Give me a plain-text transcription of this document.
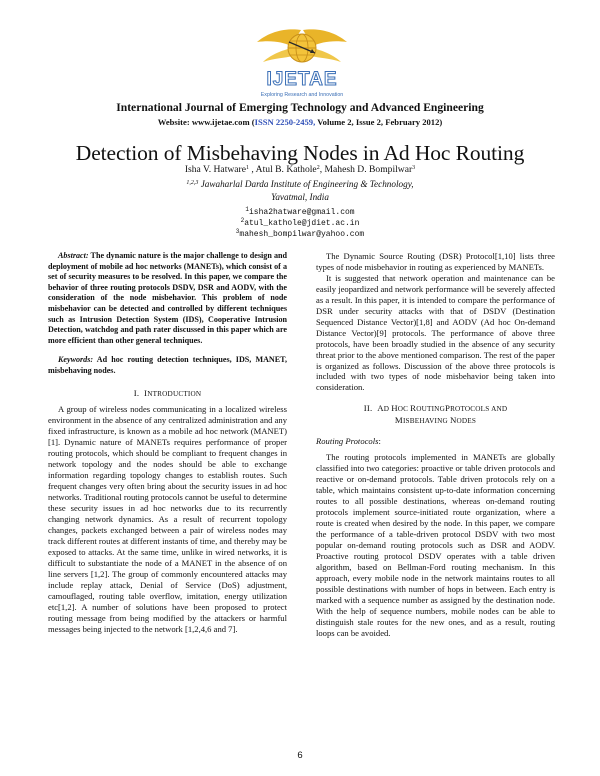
IJETAE
Exploring Research and Innovation
International Journal of Emerging Technology and Advanced Engineering
Website: www.ijetae.com (ISSN 2250-2459, Volume 2, Issue 2, February 2012)
Detection of Misbehaving Nodes in Ad Hoc Routing
Isha V. Hatware$^1$ , Atul B. Kathole$^2$, Mahesh D. Bompilwar$^3$
$^{1,2,3}$ Jawaharlal Darda Institute of Engineering & Technology,
Yavatmal, India
$^1$isha2hatware@gmail.com
$^2$atul_kathole@jdiet.ac.in
$^3$mahesh_bompilwar@yahoo.com

Abstract: The dynamic nature is the major challenge to design and deployment of mobile ad hoc networks (MANETs), which consist of a set of security measures to be resolved. In this paper, we compare the behavior of three routing protocols DSDV, DSR and AODV, with the consideration of the node misbehavior. This problem of node misbehavior can be detected and controlled by different techniques such as Intrusion Detection System (IDS), Cooperative Intrusion Detection, watchdog and path rater discussed in this paper which are more efficient than other general techniques.

Keywords: Ad hoc routing detection techniques, IDS, MANET, misbehaving nodes.

I. INTRODUCTION

A group of wireless nodes communicating in a localized wireless environment in the absence of any centralized administration and any fixed infrastructure, is known as a mobile ad hoc network (MANET) [1]. Dynamic nature of MANETs requires performance of proper routing protocols, which should be compliant to frequent changes in network topology and the nodes should be able to exchange information regarding topology changes to establish routes. Such frequent changes very often bring about the security issues in ad hoc networks. Traditional routing protocols cannot be useful to determine these security issues in ad hoc networks due to its recurrently changing network dynamics. As a result of recurrent topology changes, packets exchanged between a pair of wireless nodes may track different routes at different instants of time, and thereby may be exposed to attacks. At the same time, unlike in wired networks, it is difficult to substantiate the node of a MANET in the absence of on line servers [1,2]. The group of commonly encountered attacks may include replay attack, Denial of Service (DoS) adjustment, camouflaged, routing table overflow, imitation, energy utilization etc[1,2]. A number of solutions have been proposed to protect routing message from being modified by the attackers or harmful messages being injected to the network [1,2,4,6 and 7].

The Dynamic Source Routing (DSR) Protocol[1,10] lists three types of node misbehavior in routing as experienced by MANETs.

It is suggested that network operation and maintenance can be easily jeopardized and network performance will be severely affected as a result. In this paper, it is intended to compare the performance of DSR under security attacks with that of DSDV (Destination Sequenced Distance Vector)[1,8] and AODV (Ad hoc On-demand Distance Vector)[9] protocols. The performance of above three protocols, have been broadly studied in the absence of any security threat prior to the above mentioned comparison. The rest of the paper is organized as follows. Discussion of the above three protocols is included with two types of node misbehavior being taken into consideration.

II. AD HOC ROUTINGPROTOCOLS AND

MISBEHAVING NODES

Routing Protocols:

The routing protocols implemented in MANETs are globally classified into two categories: proactive or table driven protocols and reactive or on-demand protocols. Table driven protocols rely on a table, which maintains consistent up-to-date information concerning routes to all possible destinations, whereas on-demand routing protocols implement source-initiated route organization, where a route is created when desired by the node. In this paper, we compare the performance of a table-driven protocol DSDV with two most popular on-demand routing protocols such as DSR and AODV. Proactive routing protocol DSDV operates with a table driven algorithm, based on Bellman-Ford routing mechanism. In this approach, every mobile node in the network maintains routes to all possible destinations with number of hops in between. Each entry is marked with a sequence number as assigned by the destination node. With the help of sequence numbers, mobile nodes can be able to distinguish stale routes for the new ones, and as a result, routing loops can be avoided.

6
